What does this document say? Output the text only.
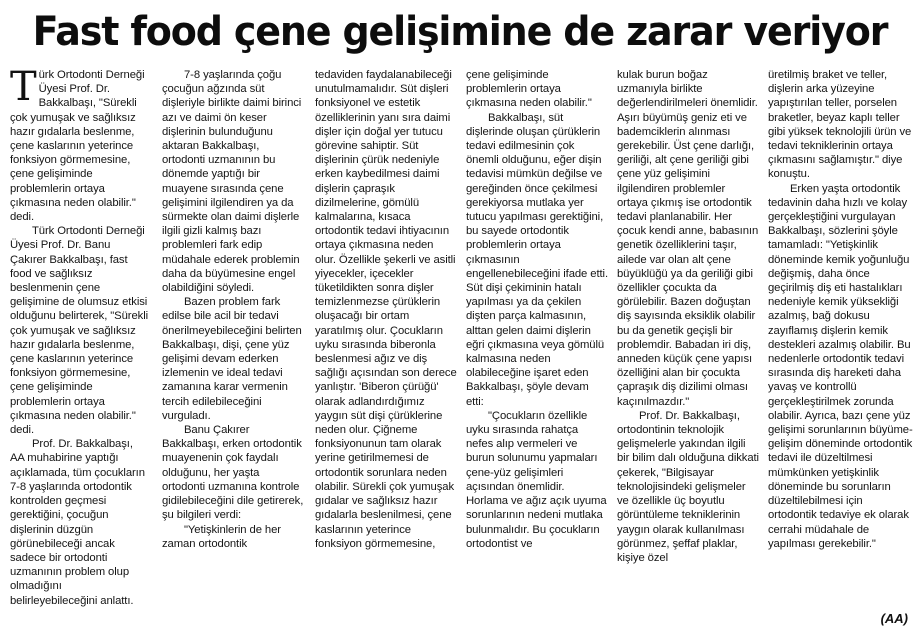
Fast food çene gelişimine de zarar veriyor

Türk Ortodonti Derneği Üyesi Prof. Dr. Bakkalbaşı, "Sürekli çok yumuşak ve sağlıksız hazır gıdalarla beslenme, çene kaslarının yeterince fonksiyon görmemesine, çene gelişiminde problemlerin ortaya çıkmasına neden olabilir." dedi.

Türk Ortodonti Derneği Üyesi Prof. Dr. Banu Çakırer Bakkalbaşı, fast food ve sağlıksız beslenmenin çene gelişimine de olumsuz etkisi olduğunu belirterek, "Sürekli çok yumuşak ve sağlıksız hazır gıdalarla beslenme, çene kaslarının yeterince fonksiyon görmemesine, çene gelişiminde problemlerin ortaya çıkmasına neden olabilir." dedi.

Prof. Dr. Bakkalbaşı, AA muhabirine yaptığı açıklamada, tüm çocukların 7-8 yaşlarında ortodontik kontrolden geçmesi gerektiğini, çocuğun dişlerinin düzgün görünebileceği ancak sadece bir ortodonti uzmanının problem olup olmadığını belirleyebileceğini anlattı.

7-8 yaşlarında çoğu çocuğun ağzında süt dişleriyle birlikte daimi birinci azı ve daimi ön keser dişlerinin bulunduğunu aktaran Bakkalbaşı, ortodonti uzmanının bu dönemde yaptığı bir muayene sırasında çene gelişimini ilgilendiren ya da sürmekte olan daimi dişlerle ilgili gizli kalmış bazı problemleri fark edip müdahale ederek problemin daha da büyümesine engel olabildiğini söyledi.

Bazen problem fark edilse bile acil bir tedavi önerilmeyebileceğini belirten Bakkalbaşı, dişi, çene yüz gelişimi devam ederken izlemenin ve ideal tedavi zamanına karar vermenin tercih edilebileceğini vurguladı.

Banu Çakırer Bakkalbaşı, erken ortodontik muayenenin çok faydalı olduğunu, her yaşta ortodonti uzmanına kontrole gidilebileceğini dile getirerek, şu bilgileri verdi:

"Yetişkinlerin de her zaman ortodontik

tedaviden faydalanabileceği unutulmamalıdır. Süt dişleri fonksiyonel ve estetik özelliklerinin yanı sıra daimi dişler için doğal yer tutucu görevine sahiptir. Süt dişlerinin çürük nedeniyle erken kaybedilmesi daimi dişlerin çapraşık dizilmelerine, gömülü kalmalarına, kısaca ortodontik tedavi ihtiyacının ortaya çıkmasına neden olur. Özellikle şekerli ve asitli yiyecekler, içecekler tüketildikten sonra dişler temizlenmezse çürüklerin oluşacağı bir ortam yaratılmış olur. Çocukların uyku sırasında biberonla beslenmesi ağız ve diş sağlığı açısından son derece yanlıştır. 'Biberon çürüğü' olarak adlandırdığımız yaygın süt dişi çürüklerine neden olur. Çiğneme fonksiyonunun tam olarak yerine getirilmemesi de ortodontik sorunlara neden olabilir. Sürekli çok yumuşak gıdalar ve sağlıksız hazır gıdalarla beslenilmesi, çene kaslarının yeterince fonksiyon görmemesine,

çene gelişiminde problemlerin ortaya çıkmasına neden olabilir."

Bakkalbaşı, süt dişlerinde oluşan çürüklerin tedavi edilmesinin çok önemli olduğunu, eğer dişin tedavisi mümkün değilse ve gereğinden önce çekilmesi gerekiyorsa mutlaka yer tutucu yapılması gerektiğini, bu sayede ortodontik problemlerin ortaya çıkmasının engellenebileceğini ifade etti. Süt dişi çekiminin hatalı yapılması ya da çekilen dişten parça kalmasının, alttan gelen daimi dişlerin eğri çıkmasına veya gömülü kalmasına neden olabileceğine işaret eden Bakkalbaşı, şöyle devam etti:

"Çocukların özellikle uyku sırasında rahatça nefes alıp vermeleri ve burun solunumu yapmaları çene-yüz gelişimleri açısından önemlidir. Horlama ve ağız açık uyuma sorunlarının nedeni mutlaka bulunmalıdır. Bu çocukların ortodontist ve

kulak burun boğaz uzmanıyla birlikte değerlendirilmeleri önemlidir. Aşırı büyümüş geniz eti ve bademciklerin alınması gerekebilir. Üst çene darlığı, geriliği, alt çene geriliği gibi çene yüz gelişimini ilgilendiren problemler ortaya çıkmış ise ortodontik tedavi planlanabilir. Her çocuk kendi anne, babasının genetik özelliklerini taşır, ailede var olan alt çene büyüklüğü ya da geriliği gibi özellikler çocukta da görülebilir. Bazen doğuştan diş sayısında eksiklik olabilir bu da genetik geçişli bir problemdir. Babadan iri diş, anneden küçük çene yapısı özelliğini alan bir çocukta çapraşık diş dizilimi olması kaçınılmazdır."

Prof. Dr. Bakkalbaşı, ortodontinin teknolojik gelişmelerle yakından ilgili bir bilim dalı olduğuna dikkati çekerek, "Bilgisayar teknolojisindeki gelişmeler ve özellikle üç boyutlu görüntüleme tekniklerinin yaygın olarak kullanılması görünmez, şeffaf plaklar, kişiye özel

üretilmiş braket ve teller, dişlerin arka yüzeyine yapıştırılan teller, porselen braketler, beyaz kaplı teller gibi yüksek teknolojili ürün ve tedavi tekniklerinin ortaya çıkmasını sağlamıştır." diye konuştu.

Erken yaşta ortodontik tedavinin daha hızlı ve kolay gerçekleştiğini vurgulayan Bakkalbaşı, sözlerini şöyle tamamladı: "Yetişkinlik döneminde kemik yoğunluğu değişmiş, daha önce geçirilmiş diş eti hastalıkları nedeniyle kemik yüksekliği azalmış, bağ dokusu zayıflamış dişlerin kemik destekleri azalmış olabilir. Bu nedenlerle ortodontik tedavi sırasında diş hareketi daha yavaş ve kontrollü gerçekleştirilmek zorunda olabilir. Ayrıca, bazı çene yüz gelişimi sorunlarının büyüme-gelişim döneminde ortodontik tedavi ile düzeltilmesi mümkünken yetişkinlik döneminde bu sorunların düzeltilebilmesi için ortodontik tedaviye ek olarak cerrahi müdahale de yapılması gerekebilir."

(AA)
